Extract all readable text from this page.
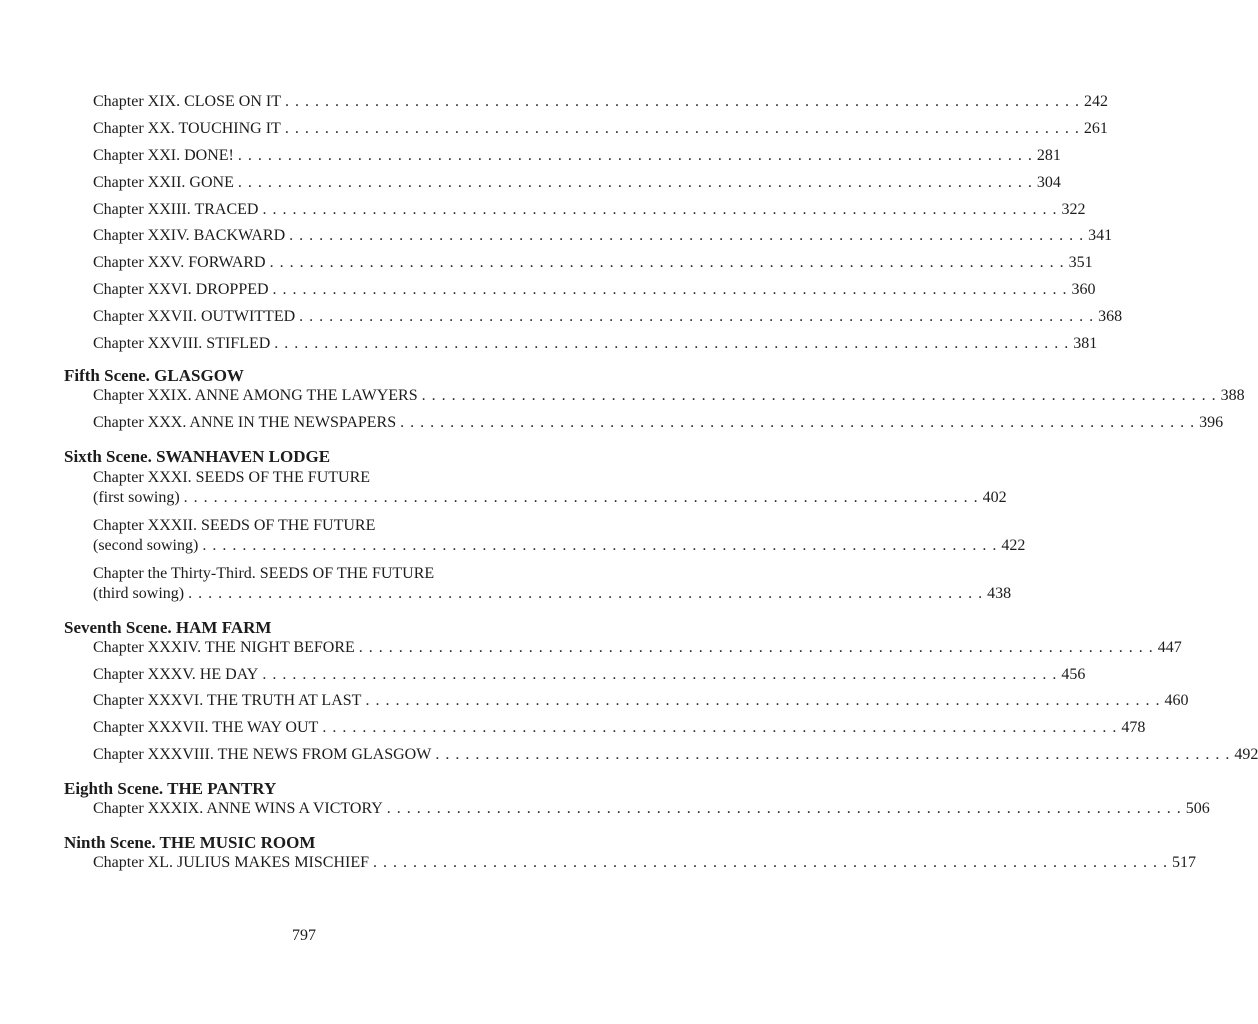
Chapter XIX. CLOSE ON IT . . . . . . . . . . . . . . . . . . . . . . . . . . . . . . . . . . . . . . . . . . . . . . . . . . . . . . . . . . . . . . . . . . . . . . . . . . . . . . . . 242
Chapter XX. TOUCHING IT . . . . . . . . . . . . . . . . . . . . . . . . . . . . . . . . . . . . . . . . . . . . . . . . . . . . . . . . . . . . . . . . . . . . . . . . . . . . . . . . 261
Chapter XXI. DONE! . . . . . . . . . . . . . . . . . . . . . . . . . . . . . . . . . . . . . . . . . . . . . . . . . . . . . . . . . . . . . . . . . . . . . . . . . . . . . . . . 281
Chapter XXII. GONE . . . . . . . . . . . . . . . . . . . . . . . . . . . . . . . . . . . . . . . . . . . . . . . . . . . . . . . . . . . . . . . . . . . . . . . . . . . . . . . . 304
Chapter XXIII. TRACED . . . . . . . . . . . . . . . . . . . . . . . . . . . . . . . . . . . . . . . . . . . . . . . . . . . . . . . . . . . . . . . . . . . . . . . . . . . . . . . . 322
Chapter XXIV. BACKWARD . . . . . . . . . . . . . . . . . . . . . . . . . . . . . . . . . . . . . . . . . . . . . . . . . . . . . . . . . . . . . . . . . . . . . . . . . . . . . . . . 341
Chapter XXV. FORWARD . . . . . . . . . . . . . . . . . . . . . . . . . . . . . . . . . . . . . . . . . . . . . . . . . . . . . . . . . . . . . . . . . . . . . . . . . . . . . . . . 351
Chapter XXVI. DROPPED . . . . . . . . . . . . . . . . . . . . . . . . . . . . . . . . . . . . . . . . . . . . . . . . . . . . . . . . . . . . . . . . . . . . . . . . . . . . . . . . 360
Chapter XXVII. OUTWITTED . . . . . . . . . . . . . . . . . . . . . . . . . . . . . . . . . . . . . . . . . . . . . . . . . . . . . . . . . . . . . . . . . . . . . . . . . . . . . . . . 368
Chapter XXVIII. STIFLED . . . . . . . . . . . . . . . . . . . . . . . . . . . . . . . . . . . . . . . . . . . . . . . . . . . . . . . . . . . . . . . . . . . . . . . . . . . . . . . . 381
Fifth Scene. GLASGOW
Chapter XXIX. ANNE AMONG THE LAWYERS . . . . . . . . . . . . . . . . . . . . . . . . . . . . . . . . . . . . . . . . . . . . . . . . . . . . . . . . . . . . . . . . . . . . . . . . . . . . . . . . 388
Chapter XXX. ANNE IN THE NEWSPAPERS . . . . . . . . . . . . . . . . . . . . . . . . . . . . . . . . . . . . . . . . . . . . . . . . . . . . . . . . . . . . . . . . . . . . . . . . . . . . . . . . 396
Sixth Scene. SWANHAVEN LODGE
Chapter XXXI. SEEDS OF THE FUTURE
(first sowing) . . . . . . . . . . . . . . . . . . . . . . . . . . . . . . . . . . . . . . . . . . . . . . . . . . . . . . . . . . . . . . . . . . . . . . . . . . . . . . . . 402
Chapter XXXII. SEEDS OF THE FUTURE
(second sowing) . . . . . . . . . . . . . . . . . . . . . . . . . . . . . . . . . . . . . . . . . . . . . . . . . . . . . . . . . . . . . . . . . . . . . . . . . . . . . . . . 422
Chapter the Thirty-Third. SEEDS OF THE FUTURE
(third sowing) . . . . . . . . . . . . . . . . . . . . . . . . . . . . . . . . . . . . . . . . . . . . . . . . . . . . . . . . . . . . . . . . . . . . . . . . . . . . . . . . 438
Seventh Scene. HAM FARM
Chapter XXXIV. THE NIGHT BEFORE . . . . . . . . . . . . . . . . . . . . . . . . . . . . . . . . . . . . . . . . . . . . . . . . . . . . . . . . . . . . . . . . . . . . . . . . . . . . . . . . 447
Chapter XXXV. HE DAY . . . . . . . . . . . . . . . . . . . . . . . . . . . . . . . . . . . . . . . . . . . . . . . . . . . . . . . . . . . . . . . . . . . . . . . . . . . . . . . . 456
Chapter XXXVI. THE TRUTH AT LAST . . . . . . . . . . . . . . . . . . . . . . . . . . . . . . . . . . . . . . . . . . . . . . . . . . . . . . . . . . . . . . . . . . . . . . . . . . . . . . . . 460
Chapter XXXVII. THE WAY OUT . . . . . . . . . . . . . . . . . . . . . . . . . . . . . . . . . . . . . . . . . . . . . . . . . . . . . . . . . . . . . . . . . . . . . . . . . . . . . . . . 478
Chapter XXXVIII. THE NEWS FROM GLASGOW . . . . . . . . . . . . . . . . . . . . . . . . . . . . . . . . . . . . . . . . . . . . . . . . . . . . . . . . . . . . . . . . . . . . . . . . . . . . . . . . 492
Eighth Scene. THE PANTRY
Chapter XXXIX. ANNE WINS A VICTORY . . . . . . . . . . . . . . . . . . . . . . . . . . . . . . . . . . . . . . . . . . . . . . . . . . . . . . . . . . . . . . . . . . . . . . . . . . . . . . . . 506
Ninth Scene. THE MUSIC ROOM
Chapter XL. JULIUS MAKES MISCHIEF . . . . . . . . . . . . . . . . . . . . . . . . . . . . . . . . . . . . . . . . . . . . . . . . . . . . . . . . . . . . . . . . . . . . . . . . . . . . . . . . 517
797
